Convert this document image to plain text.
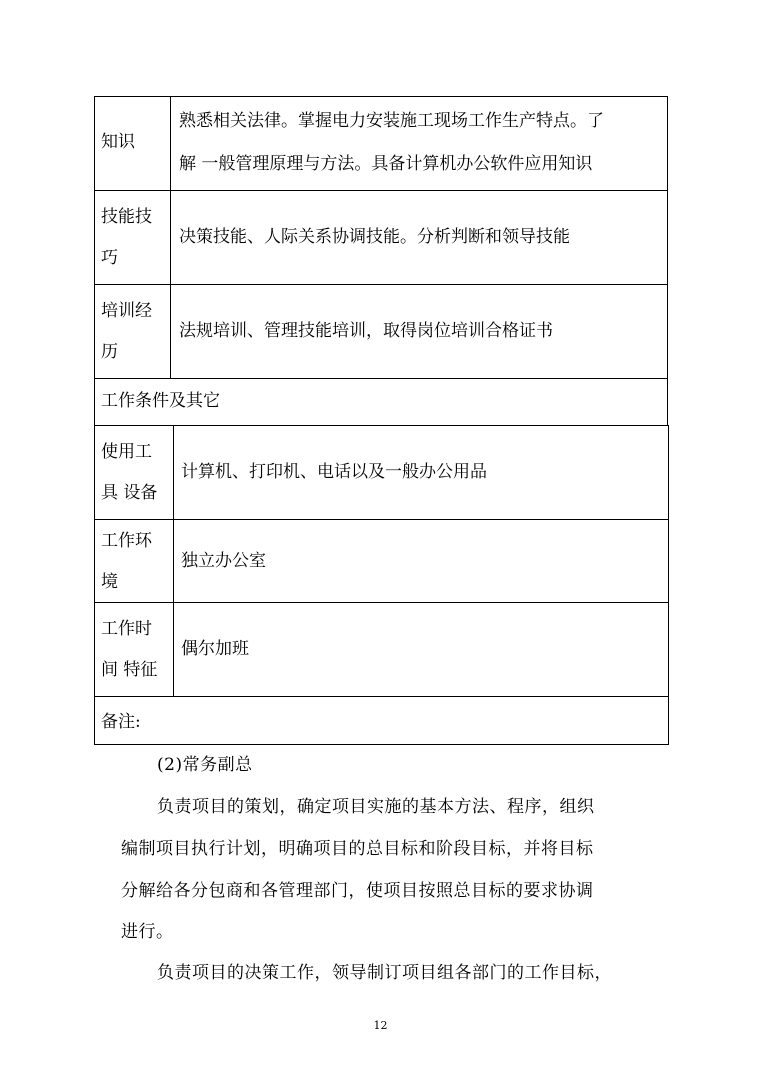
知识
熟悉相关法律。掌握电力安装施工现场工作生产特点。了
解 一般管理原理与方法。具备计算机办公软件应用知识
技能技
巧
决策技能、人际关系协调技能。分析判断和领导技能
培训经
历
法规培训、管理技能培训，取得岗位培训合格证书
工作条件及其它
使用工
具 设备
计算机、打印机、电话以及一般办公用品
工作环
境
独立办公室
工作时
间 特征
偶尔加班
备注:
(2)常务副总
负责项目的策划，确定项目实施的基本方法、程序，组织
编制项目执行计划，明确项目的总目标和阶段目标，并将目标
分解给各分包商和各管理部门，使项目按照总目标的要求协调
进行。
负责项目的决策工作，领导制订项目组各部门的工作目标，
12
